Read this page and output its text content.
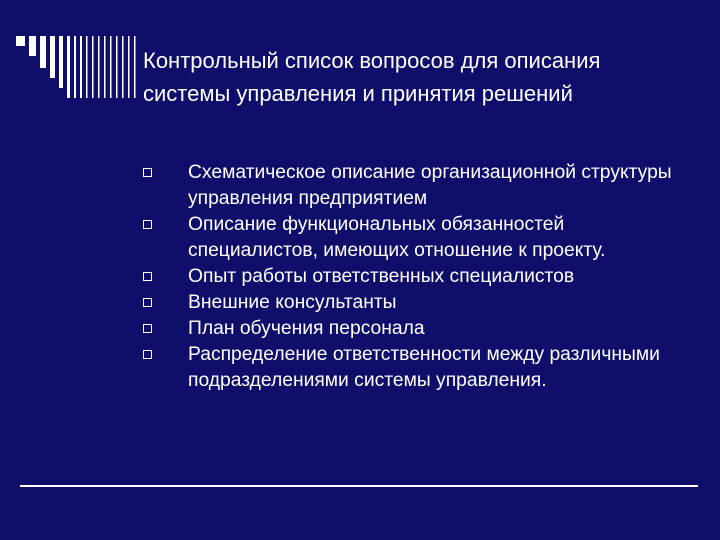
Контрольный список вопросов для описания системы управления и принятия решений
Схематическое описание организационной структуры управления предприятием
Описание функциональных обязанностей специалистов, имеющих отношение к проекту.
Опыт работы ответственных специалистов
Внешние консультанты
План обучения персонала
Распределение ответственности между различными подразделениями системы управления.
